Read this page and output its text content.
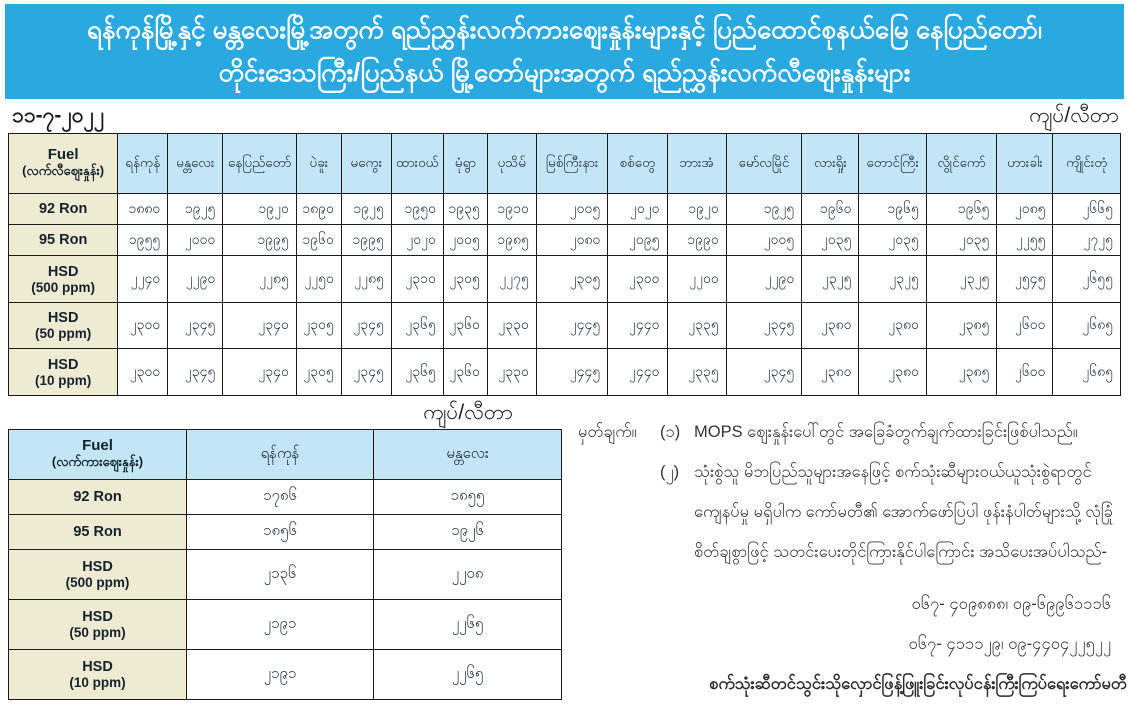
ရန်ကုန်မြို့နှင့် မန္တလေးမြို့အတွက် ရည်ညွှန်းလက်ကားဈေးနှုန်းများနှင့် ပြည်ထောင်စုနယ်မြေ နေပြည်တော်၊
တိုင်းဒေသကြီး/ပြည်နယ် မြို့တော်များအတွက် ရည်ညွှန်းလက်လီဈေးနှုန်းများ
၁၁-၇-၂၀၂၂	ကျပ်/လီတာ
Fuel
(လက်လီဈေးနှုန်း)	ရန်ကုန်	မန္တလေး	နေပြည်တော်	ပဲခူး	မကွေး	ထားဝယ်	မုံရွာ	ပုသိမ်	မြစ်ကြီးနား	စစ်တွေ	ဘားအံ	မော်လမြိုင်	လားရှိုး	တောင်ကြီး	လွိုင်ကော်	ဟားခါး	ကျိုင်းတုံ

92 Ron	၁၈၈၀	၁၉၂၅	၁၉၂၀	၁၈၉၀	၁၉၂၅	၁၉၅၀	၁၉၃၅	၁၉၁၀	၂၀၀၅	၂၀၂၀	၁၉၂၀	၁၉၂၅	၁၉၆၀	၁၉၆၅	၁၉၆၅	၂၀၈၅	၂၆၆၅

95 Ron	၁၉၅၅	၂၀၀၀	၁၉၉၅	၁၉၆၀	၁၉၉၅	၂၀၂၀	၂၀၀၅	၁၉၈၅	၂၀၈၀	၂၀၉၅	၁၉၉၀	၂၀၀၅	၂၀၃၅	၂၀၃၅	၂၀၃၅	၂၂၅၅	၂၇၂၅

HSD
(500 ppm)	၂၂၄၀	၂၂၉၀	၂၂၈၅	၂၂၅၀	၂၂၈၅	၂၃၁၀	၂၃၀၅	၂၂၇၅	၂၃၀၅	၂၃၀၀	၂၂၀၀	၂၂၉၀	၂၃၂၅	၂၃၂၅	၂၃၂၅	၂၅၄၅	၂၆၅၅

HSD
(50 ppm)	၂၃၀၀	၂၃၄၅	၂၃၄၀	၂၃၀၅	၂၃၄၅	၂၃၆၅	၂၃၆၀	၂၃၃၀	၂၄၄၅	၂၄၄၀	၂၃၃၅	၂၃၄၅	၂၃၈၀	၂၃၈၀	၂၃၈၅	၂၆၀၀	၂၆၈၅

HSD
(10 ppm)	၂၃၀၀	၂၃၄၅	၂၃၄၀	၂၃၀၅	၂၃၄၅	၂၃၆၅	၂၃၆၀	၂၃၃၀	၂၄၄၅	၂၄၄၀	၂၃၃၅	၂၃၄၅	၂၃၈၀	၂၃၈၀	၂၃၈၅	၂၆၀၀	၂၆၈၅
ကျပ်/လီတာ
Fuel
(လက်ကားဈေးနှုန်း)	ရန်ကုန်	မန္တလေး

92 Ron	၁၇၈၆	၁၈၅၅

95 Ron	၁၈၅၆	၁၉၂၆

HSD
(500 ppm)	၂၁၃၆	၂၂၀၈

HSD
(50 ppm)	၂၁၉၁	၂၂၆၅

HSD
(10 ppm)	၂၁၉၁	၂၂၆၅
မှတ်ချက်။	(၁) MOPS ဈေးနှုန်းပေါ်တွင် အခြေခံတွက်ချက်ထားခြင်းဖြစ်ပါသည်။
(၂) သုံးစွဲသူ မိဘပြည်သူများအနေဖြင့် စက်သုံးဆီများဝယ်ယူသုံးစွဲရာတွင် ကျေနပ်မှု မရှိပါက ကော်မတီ၏ အောက်ဖော်ပြပါ ဖုန်းနံပါတ်များသို့ လုံခြုံစိတ်ချစွာဖြင့် သတင်းပေးတိုင်ကြားနိုင်ပါကြောင်း အသိပေးအပ်ပါသည်-
၀၆၇- ၄၀၉၈၈၈၊ ၀၉-၆၉၉၆၁၁၁၆
၀၆၇- ၄၁၁၁၂၉၊ ၀၉-၄၄၀၄၂၂၅၂၂
စက်သုံးဆီတင်သွင်းသိုလှောင်ဖြန့်ဖြူးခြင်းလုပ်ငန်းကြီးကြပ်ရေးကော်မတီ
